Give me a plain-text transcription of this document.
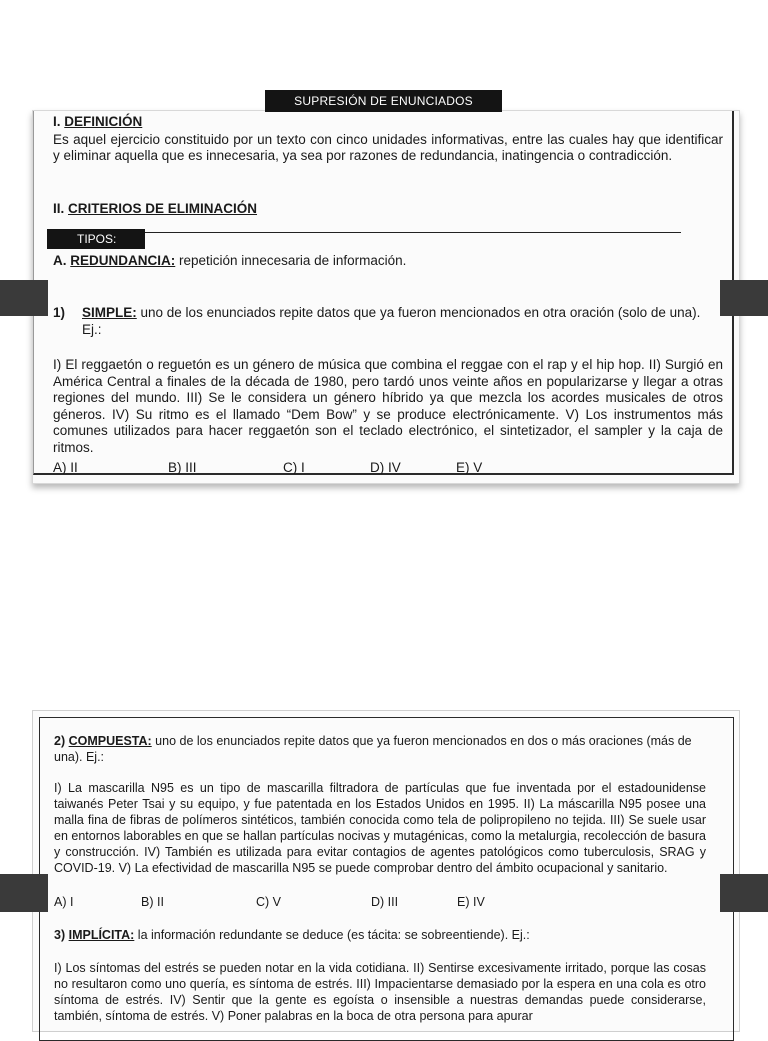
SUPRESIÓN DE ENUNCIADOS
I. DEFINICIÓN
Es aquel ejercicio constituido por un texto con cinco unidades informativas, entre las cuales hay que identificar y eliminar aquella que es innecesaria, ya sea por razones de redundancia, inatingencia o contradicción.
II. CRITERIOS DE ELIMINACIÓN
TIPOS:
A. REDUNDANCIA: repetición innecesaria de información.
1)	SIMPLE: uno de los enunciados repite datos que ya fueron mencionados en otra oración (solo de una). Ej.:
I) El reggaetón o reguetón es un género de música que combina el reggae con el rap y el hip hop. II) Surgió en América Central a finales de la década de 1980, pero tardó unos veinte años en popularizarse y llegar a otras regiones del mundo. III) Se le considera un género híbrido ya que mezcla los acordes musicales de otros géneros. IV) Su ritmo es el llamado “Dem Bow” y se produce electrónicamente. V) Los instrumentos más comunes utilizados para hacer reggaetón son el teclado electrónico, el sintetizador, el sampler y la caja de ritmos.
A) II	B) III	C) I	D) IV	E) V
2) COMPUESTA: uno de los enunciados repite datos que ya fueron mencionados en dos o más oraciones (más de una). Ej.:
I) La mascarilla N95 es un tipo de mascarilla filtradora de partículas que fue inventada por el estadounidense taiwanés Peter Tsai y su equipo, y fue patentada en los Estados Unidos en 1995. II) La máscarilla N95 posee una malla fina de fibras de polímeros sintéticos, también conocida como tela de polipropileno no tejida. III) Se suele usar en entornos laborables en que se hallan partículas nocivas y mutagénicas, como la metalurgia, recolección de basura y construcción. IV) También es utilizada para evitar contagios de agentes patológicos como tuberculosis, SRAG y COVID-19. V) La efectividad de mascarilla N95 se puede comprobar dentro del ámbito ocupacional y sanitario.
A) I	B) II	C) V	D) III	E) IV
3) IMPLÍCITA: la información redundante se deduce (es tácita: se sobreentiende). Ej.:
I) Los síntomas del estrés se pueden notar en la vida cotidiana. II) Sentirse excesivamente irritado, porque las cosas no resultaron como uno quería, es síntoma de estrés. III) Impacientarse demasiado por la espera en una cola es otro síntoma de estrés. IV) Sentir que la gente es egoísta o insensible a nuestras demandas puede considerarse, también, síntoma de estrés. V) Poner palabras en la boca de otra persona para apurar
